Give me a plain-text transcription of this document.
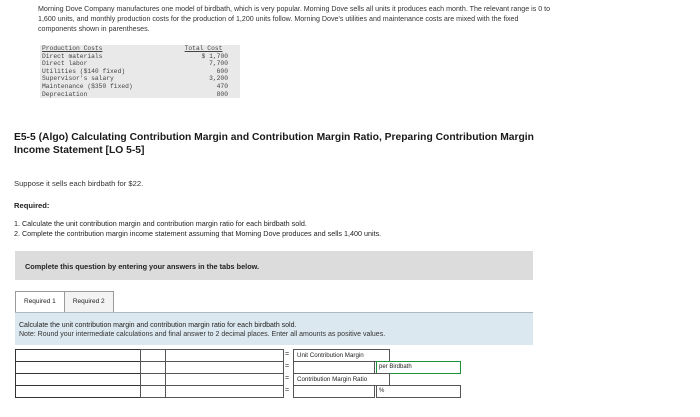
Morning Dove Company manufactures one model of birdbath, which is very popular. Morning Dove sells all units it produces each month. The relevant range is 0 to 1,600 units, and monthly production costs for the production of 1,200 units follow. Morning Dove's utilities and maintenance costs are mixed with the fixed components shown in parentheses.
Production Costs	Total Cost
Direct materials	$ 1,700
Direct labor	7,700
Utilities ($140 fixed)	600
Supervisor's salary	3,200
Maintenance ($350 fixed)	470
Depreciation	800
E5-5 (Algo) Calculating Contribution Margin and Contribution Margin Ratio, Preparing Contribution Margin Income Statement [LO 5-5]
Suppose it sells each birdbath for $22.
Required:
1. Calculate the unit contribution margin and contribution margin ratio for each birdbath sold.
2. Complete the contribution margin income statement assuming that Morning Dove produces and sells 1,400 units.
Complete this question by entering your answers in the tabs below.
Required 1	Required 2
Calculate the unit contribution margin and contribution margin ratio for each birdbath sold.
Note: Round your intermediate calculations and final answer to 2 decimal places. Enter all amounts as positive values.
=	Unit Contribution Margin
=	per Birdbath
=	Contribution Margin Ratio
=	%
